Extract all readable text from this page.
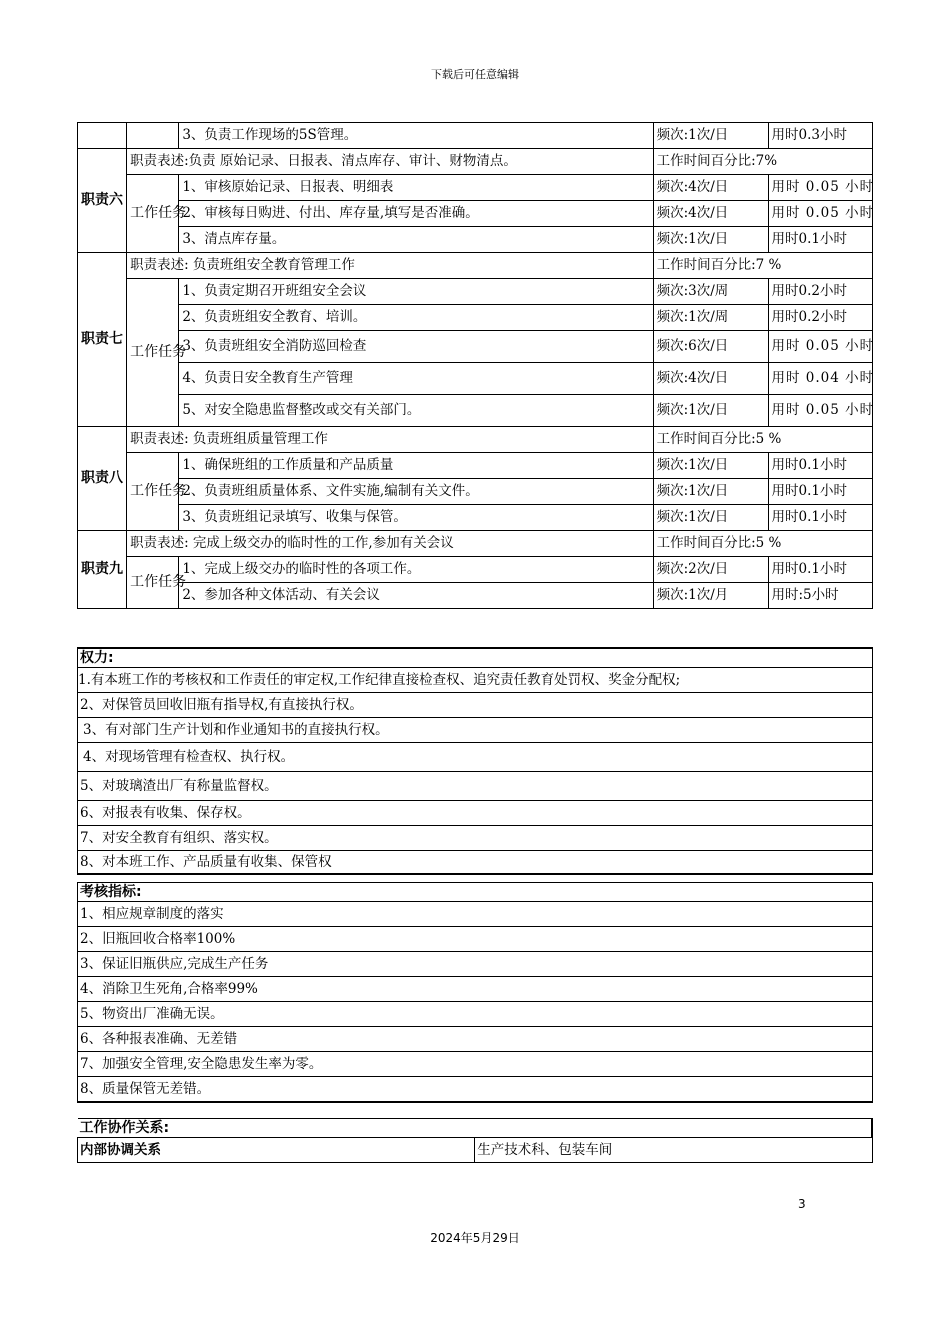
下载后可任意编辑
		3、负责工作现场的5S管理。	频次:1次/日	用时0.3小时
职责六	职责表述:负责 原始记录、日报表、清点库存、审计、财物清点。		工作时间百分比:7%	
	工作任务	1、审核原始记录、日报表、明细表	频次:4次/日	用时 0.05 小时
		2、审核每日购进、付出、库存量,填写是否准确。	频次:4次/日	用时 0.05 小时
		3、清点库存量。	频次:1次/日	用时0.1小时
职责七	职责表述: 负责班组安全教育管理工作		工作时间百分比:7 %	
	工作任务	1、负责定期召开班组安全会议	频次:3次/周	用时0.2小时
		2、负责班组安全教育、培训。	频次:1次/周	用时0.2小时
		3、负责班组安全消防巡回检查	频次:6次/日	用时 0.05 小时
		4、负责日安全教育生产管理	频次:4次/日	用时 0.04 小时
		5、对安全隐患监督整改或交有关部门。	频次:1次/日	用时 0.05 小时
职责八	职责表述: 负责班组质量管理工作		工作时间百分比:5 %	
	工作任务	1、确保班组的工作质量和产品质量	频次:1次/日	用时0.1小时
		2、负责班组质量体系、文件实施,编制有关文件。	频次:1次/日	用时0.1小时
		3、负责班组记录填写、收集与保管。	频次:1次/日	用时0.1小时
职责九	职责表述: 完成上级交办的临时性的工作,参加有关会议		工作时间百分比:5 %	
	工作任务	1、完成上级交办的临时性的各项工作。	频次:2次/日	用时0.1小时
		2、参加各种文体活动、有关会议	频次:1次/月	用时:5小时
权力:
1.有本班工作的考核权和工作责任的审定权,工作纪律直接检查权、追究责任教育处罚权、奖金分配权;
2、对保管员回收旧瓶有指导权,有直接执行权。
3、有对部门生产计划和作业通知书的直接执行权。
4、对现场管理有检查权、执行权。
5、对玻璃渣出厂有称量监督权。
6、对报表有收集、保存权。
7、对安全教育有组织、落实权。
8、对本班工作、产品质量有收集、保管权
考核指标:
1、相应规章制度的落实
2、旧瓶回收合格率100%
3、保证旧瓶供应,完成生产任务
4、消除卫生死角,合格率99%
5、物资出厂准确无误。
6、各种报表准确、无差错
7、加强安全管理,安全隐患发生率为零。
8、质量保管无差错。
工作协作关系:
内部协调关系	生产技术科、包装车间
3
2024年5月29日
